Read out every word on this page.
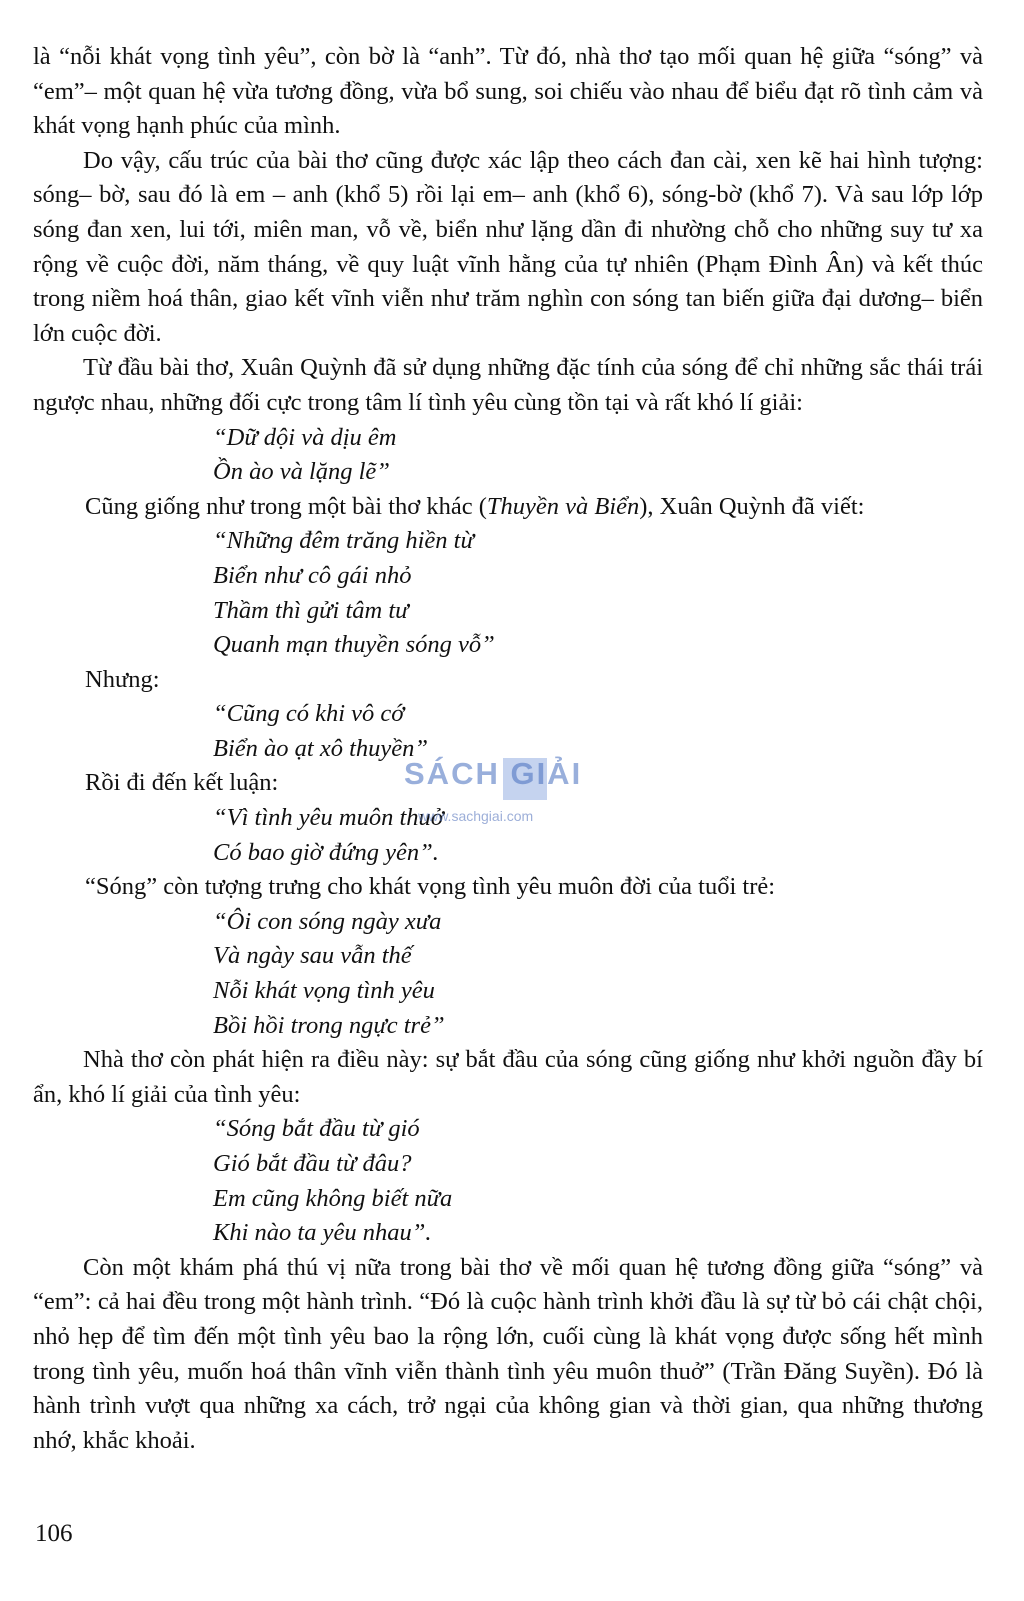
là “nỗi khát vọng tình yêu”, còn bờ là “anh”. Từ đó, nhà thơ tạo mối quan hệ giữa “sóng” và “em”– một quan hệ vừa tương đồng, vừa bổ sung, soi chiếu vào nhau để biểu đạt rõ tình cảm và khát vọng hạnh phúc của mình.

Do vậy, cấu trúc của bài thơ cũng được xác lập theo cách đan cài, xen kẽ hai hình tượng: sóng– bờ, sau đó là em – anh (khổ 5) rồi lại em– anh (khổ 6), sóng-bờ (khổ 7). Và sau lớp lớp sóng đan xen, lui tới, miên man, vỗ về, biển như lặng dần đi nhường chỗ cho những suy tư xa rộng về cuộc đời, năm tháng, về quy luật vĩnh hằng của tự nhiên (Phạm Đình Ân) và kết thúc trong niềm hoá thân, giao kết vĩnh viễn như trăm nghìn con sóng tan biến giữa đại dương– biển lớn cuộc đời.

Từ đầu bài thơ, Xuân Quỳnh đã sử dụng những đặc tính của sóng để chỉ những sắc thái trái ngược nhau, những đối cực trong tâm lí tình yêu cùng tồn tại và rất khó lí giải:

“Dữ dội và dịu êm
Ồn ào và lặng lẽ”

Cũng giống như trong một bài thơ khác (Thuyền và Biển), Xuân Quỳnh đã viết:

“Những đêm trăng hiền từ
Biển như cô gái nhỏ
Thầm thì gửi tâm tư
Quanh mạn thuyền sóng vỗ”

Nhưng:

“Cũng có khi vô cớ
Biển ào ạt xô thuyền”

Rồi đi đến kết luận:

“Vì tình yêu muôn thuở
Có bao giờ đứng yên”.

“Sóng” còn tượng trưng cho khát vọng tình yêu muôn đời của tuổi trẻ:

“Ôi con sóng ngày xưa
Và ngày sau vẫn thế
Nỗi khát vọng tình yêu
Bồi hồi trong ngực trẻ”

Nhà thơ còn phát hiện ra điều này: sự bắt đầu của sóng cũng giống như khởi nguồn đầy bí ẩn, khó lí giải của tình yêu:

“Sóng bắt đầu từ gió
Gió bắt đầu từ đâu?
Em cũng không biết nữa
Khi nào ta yêu nhau”.

Còn một khám phá thú vị nữa trong bài thơ về mối quan hệ tương đồng giữa “sóng” và “em”: cả hai đều trong một hành trình. “Đó là cuộc hành trình khởi đầu là sự từ bỏ cái chật chội, nhỏ hẹp để tìm đến một tình yêu bao la rộng lớn, cuối cùng là khát vọng được sống hết mình trong tình yêu, muốn hoá thân vĩnh viễn thành tình yêu muôn thuở” (Trần Đăng Suyền). Đó là hành trình vượt qua những xa cách, trở ngại của không gian và thời gian, qua những thương nhớ, khắc khoải.

SÁCH GIẢI
www.sachgiai.com
106
